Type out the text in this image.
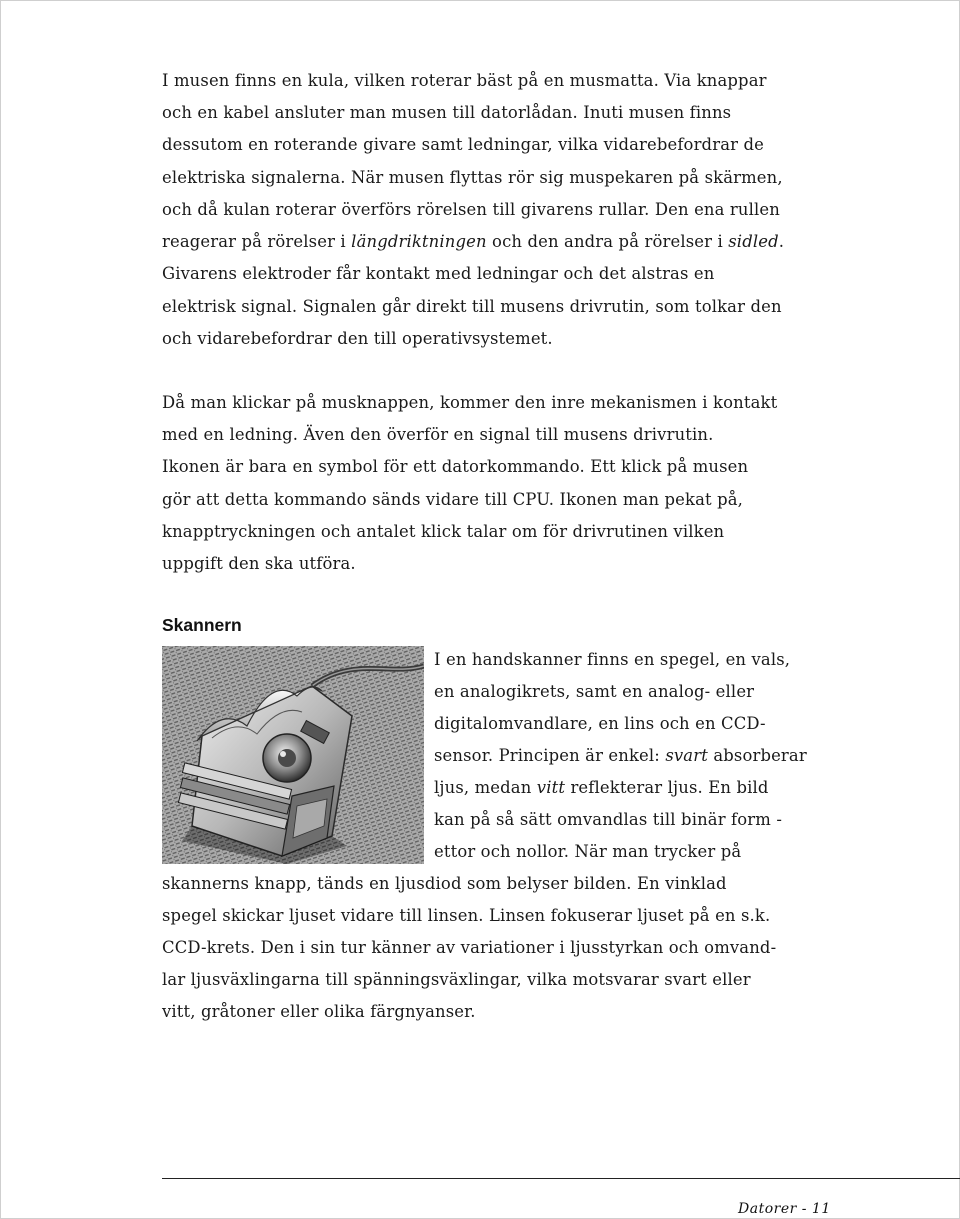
I musen finns en kula, vilken roterar bäst på en musmatta. Via knappar
och en kabel ansluter man musen till datorlådan. Inuti musen finns
dessutom en roterande givare samt ledningar, vilka vidarebefordrar de
elektriska signalerna. När musen flyttas rör sig muspekaren på skärmen,
och då kulan roterar överförs rörelsen till givarens rullar. Den ena rullen
reagerar på rörelser i längdriktningen och den andra på rörelser i sidled.
Givarens elektroder får kontakt med ledningar och det alstras en
elektrisk signal. Signalen går direkt till musens drivrutin, som tolkar den
och vidarebefordrar den till operativsystemet.
Då man klickar på musknappen, kommer den inre mekanismen i kontakt
med en ledning. Även den överför en signal till musens drivrutin.
Ikonen är bara en symbol för ett datorkommando. Ett klick på musen
gör att detta kommando sänds vidare till CPU. Ikonen man pekat på,
knapptryckningen och antalet klick talar om för drivrutinen vilken
uppgift den ska utföra.
Skannern
I en handskanner finns en spegel, en vals,
en analogikrets, samt en analog- eller
digitalomvandlare, en lins och en CCD-
sensor. Principen är enkel: svart absorberar
ljus, medan vitt reflekterar ljus. En bild
kan på så sätt omvandlas till binär form -
ettor och nollor. När man trycker på
skannerns knapp, tänds en ljusdiod som belyser bilden. En vinklad
spegel skickar ljuset vidare till linsen. Linsen fokuserar ljuset på en s.k.
CCD-krets. Den i sin tur känner av variationer i ljusstyrkan och omvand-
lar ljusväxlingarna till spänningsväxlingar, vilka motsvarar svart eller
vitt, gråtoner eller olika färgnyanser.
Datorer - 11
